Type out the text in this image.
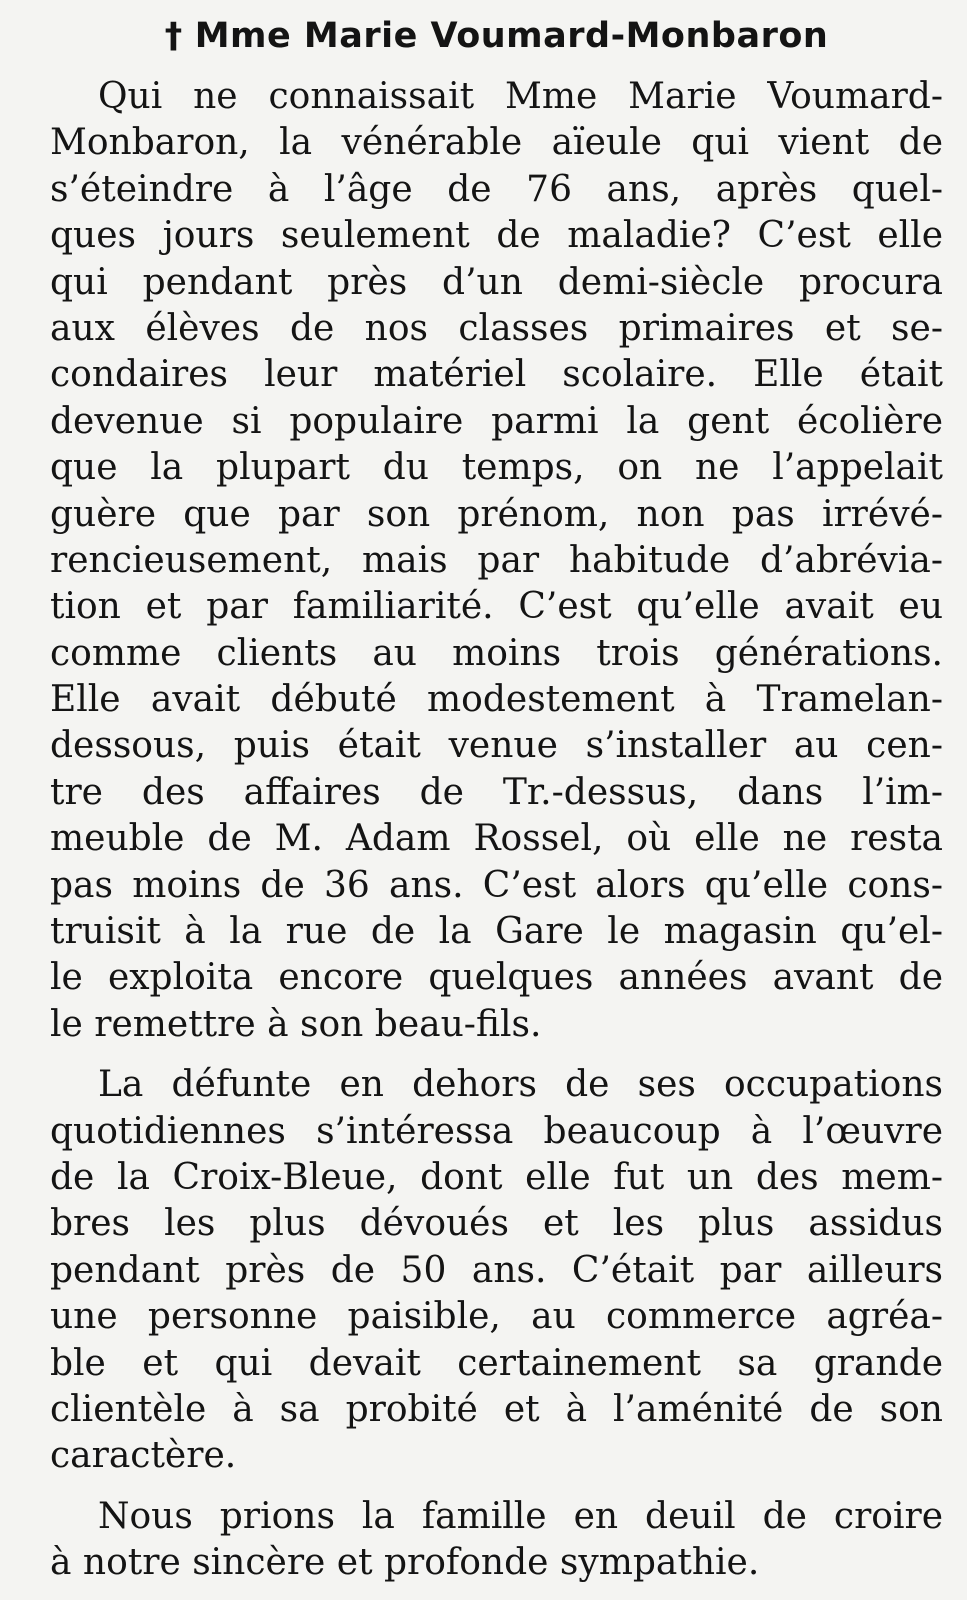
† Mme Marie Voumard-Monbaron
Qui ne connaissait Mme Marie Voumard-
Monbaron, la vénérable aïeule qui vient de
s’éteindre à l’âge de 76 ans, après quel-
ques jours seulement de maladie? C’est elle
qui pendant près d’un demi-siècle procura
aux élèves de nos classes primaires et se-
condaires leur matériel scolaire. Elle était
devenue si populaire parmi la gent écolière
que la plupart du temps, on ne l’appelait
guère que par son prénom, non pas irrévé-
rencieusement, mais par habitude d’abrévia-
tion et par familiarité. C’est qu’elle avait eu
comme clients au moins trois générations.
Elle avait débuté modestement à Tramelan-
dessous, puis était venue s’installer au cen-
tre des affaires de Tr.-dessus, dans l’im-
meuble de M. Adam Rossel, où elle ne resta
pas moins de 36 ans. C’est alors qu’elle cons-
truisit à la rue de la Gare le magasin qu’el-
le exploita encore quelques années avant de
le remettre à son beau-fils.
La défunte en dehors de ses occupations
quotidiennes s’intéressa beaucoup à l’œuvre
de la Croix-Bleue, dont elle fut un des mem-
bres les plus dévoués et les plus assidus
pendant près de 50 ans. C’était par ailleurs
une personne paisible, au commerce agréa-
ble et qui devait certainement sa grande
clientèle à sa probité et à l’aménité de son
caractère.
Nous prions la famille en deuil de croire
à notre sincère et profonde sympathie.
